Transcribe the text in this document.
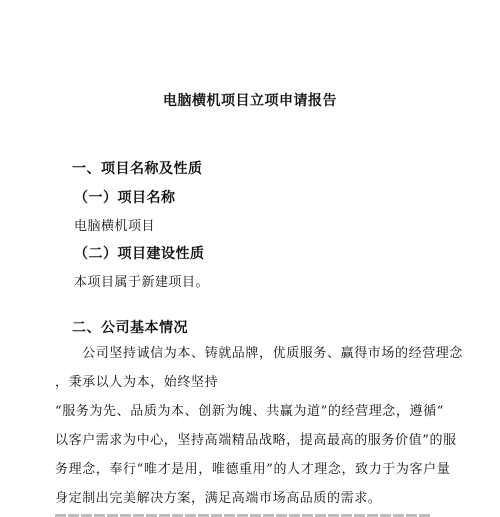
电脑横机项目立项申请报告
一、项目名称及性质
（一）项目名称
电脑横机项目
（二）项目建设性质
本项目属于新建项目。
二、公司基本情况
　　公司坚持诚信为本、铸就品牌，优质服务、赢得市场的经营理念
，秉承以人为本，始终坚持
“服务为先、品质为本、创新为魄、共赢为道”的经营理念，遵循“
以客户需求为中心，坚持高端精品战略，提高最高的服务价值”的服
务理念，奉行“唯才是用，唯德重用”的人才理念，致力于为客户量
身定制出完美解决方案，满足高端市场高品质的需求。
